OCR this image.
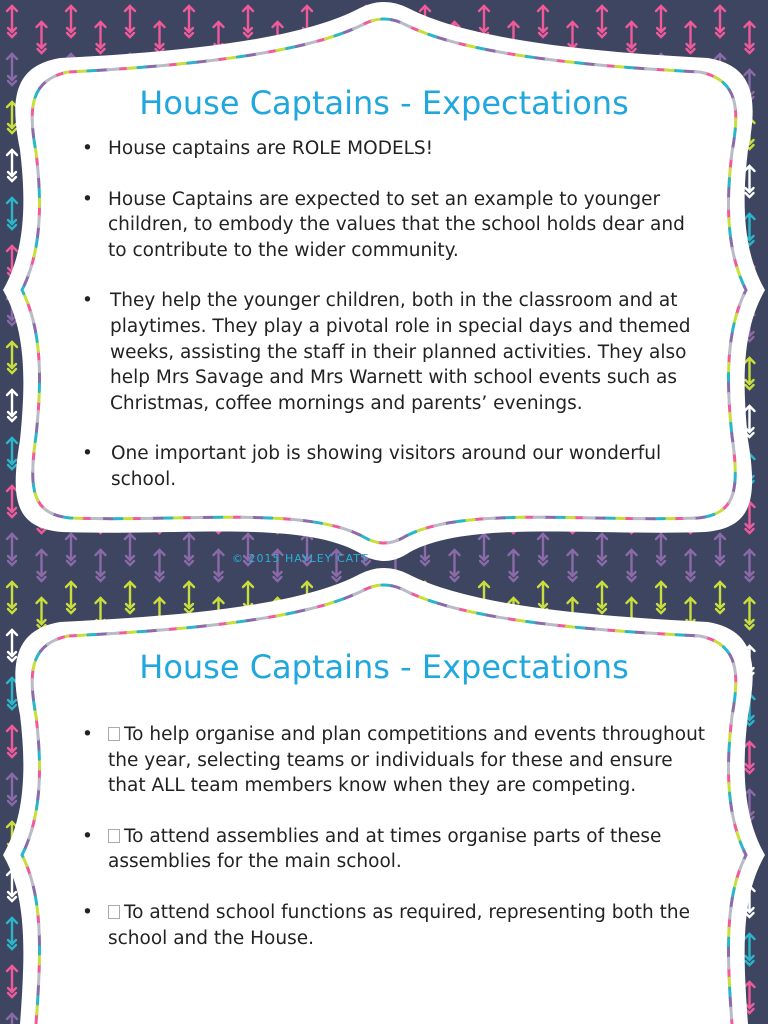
House Captains - Expectations
• House captains are ROLE MODELS!
• House Captains are expected to set an example to younger children, to embody the values that the school holds dear and to contribute to the wider community.
• They help the younger children, both in the classroom and at playtimes. They play a pivotal role in special days and themed weeks, assisting the staff in their planned activities. They also help Mrs Savage and Mrs Warnett with school events such as Christmas, coffee mornings and parents’ evenings.
• One important job is showing visitors around our wonderful school.
© 2015 HAYLEY CATT
House Captains - Expectations
• To help organise and plan competitions and events throughout the year, selecting teams or individuals for these and ensure that ALL team members know when they are competing.
• To attend assemblies and at times organise parts of these assemblies for the main school.
• To attend school functions as required, representing both the school and the House.
